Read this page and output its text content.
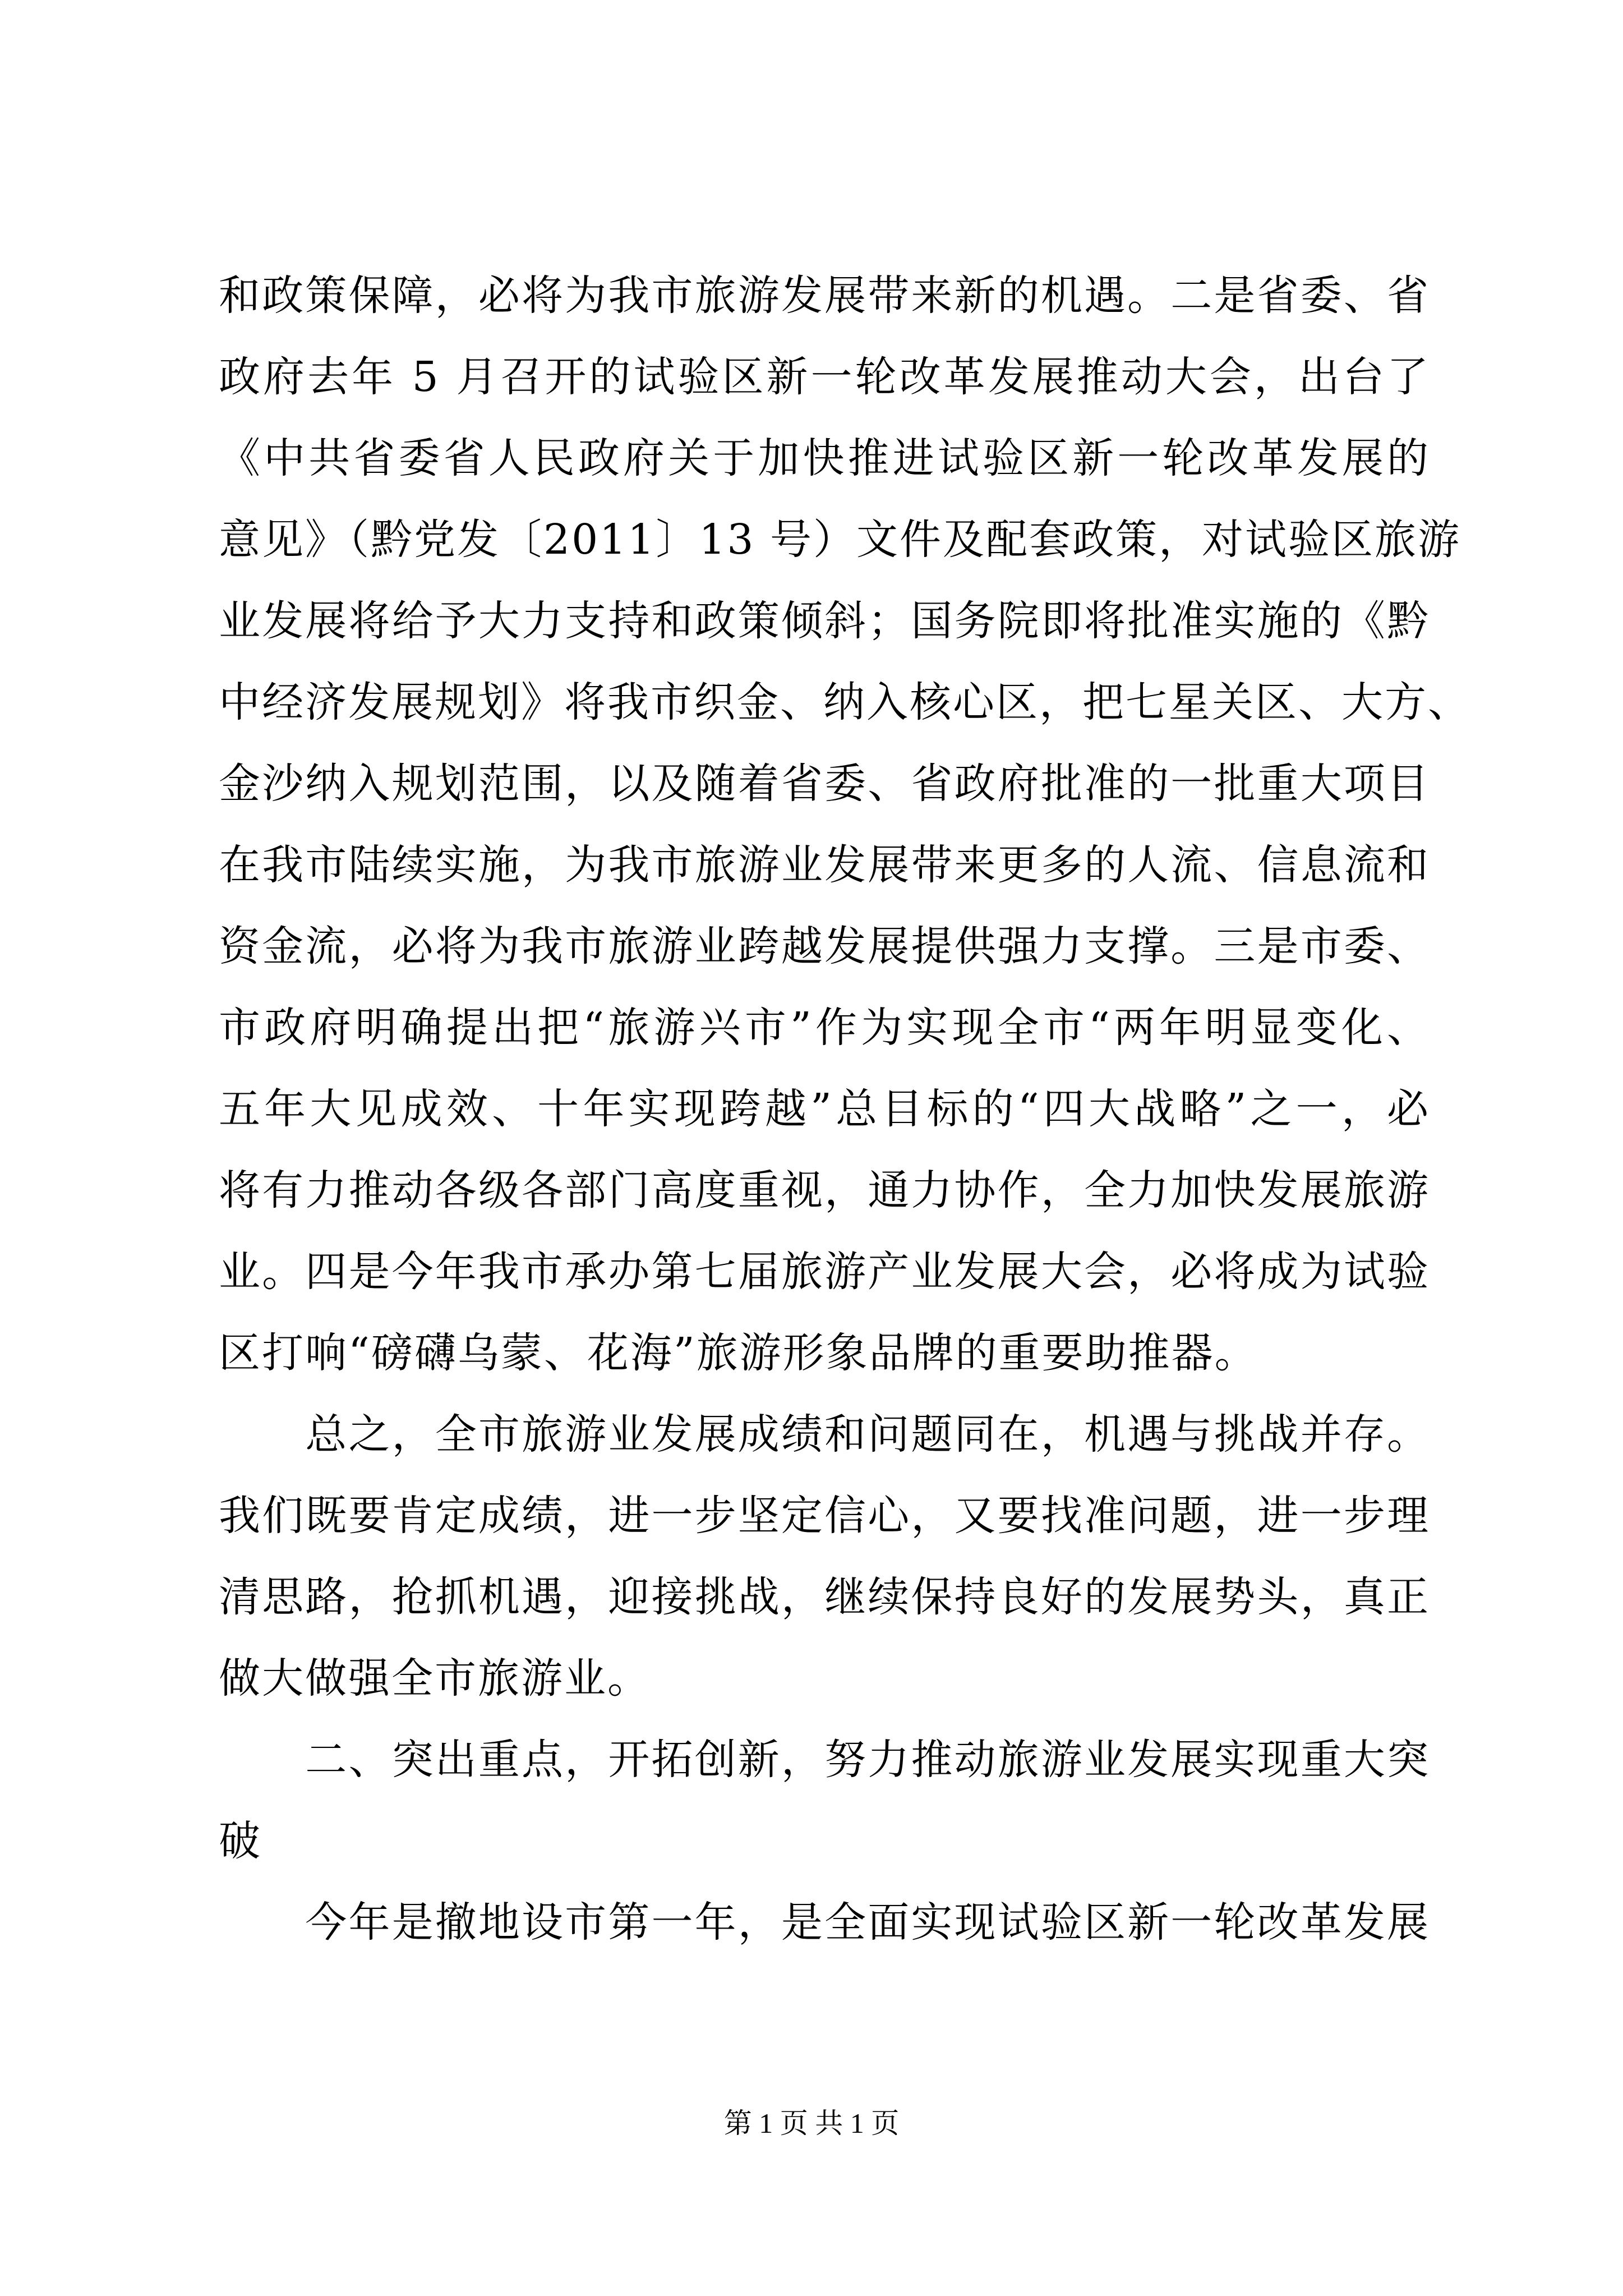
和政策保障，必将为我市旅游发展带来新的机遇。二是省委、省
政府去年 5 月召开的试验区新一轮改革发展推动大会，出台了
《中共省委省人民政府关于加快推进试验区新一轮改革发展的
意见》（黔党发〔2011〕13 号）文件及配套政策，对试验区旅游
业发展将给予大力支持和政策倾斜；国务院即将批准实施的《黔
中经济发展规划》将我市织金、纳入核心区，把七星关区、大方、
金沙纳入规划范围，以及随着省委、省政府批准的一批重大项目
在我市陆续实施，为我市旅游业发展带来更多的人流、信息流和
资金流，必将为我市旅游业跨越发展提供强力支撑。三是市委、
市政府明确提出把“旅游兴市”作为实现全市“两年明显变化、
五年大见成效、十年实现跨越”总目标的“四大战略”之一，必
将有力推动各级各部门高度重视，通力协作，全力加快发展旅游
业。四是今年我市承办第七届旅游产业发展大会，必将成为试验
区打响“磅礴乌蒙、花海”旅游形象品牌的重要助推器。
　　总之，全市旅游业发展成绩和问题同在，机遇与挑战并存。
我们既要肯定成绩，进一步坚定信心，又要找准问题，进一步理
清思路，抢抓机遇，迎接挑战，继续保持良好的发展势头，真正
做大做强全市旅游业。
　　二、突出重点，开拓创新，努力推动旅游业发展实现重大突
破
　　今年是撤地设市第一年，是全面实现试验区新一轮改革发展
第 1 页 共 1 页
